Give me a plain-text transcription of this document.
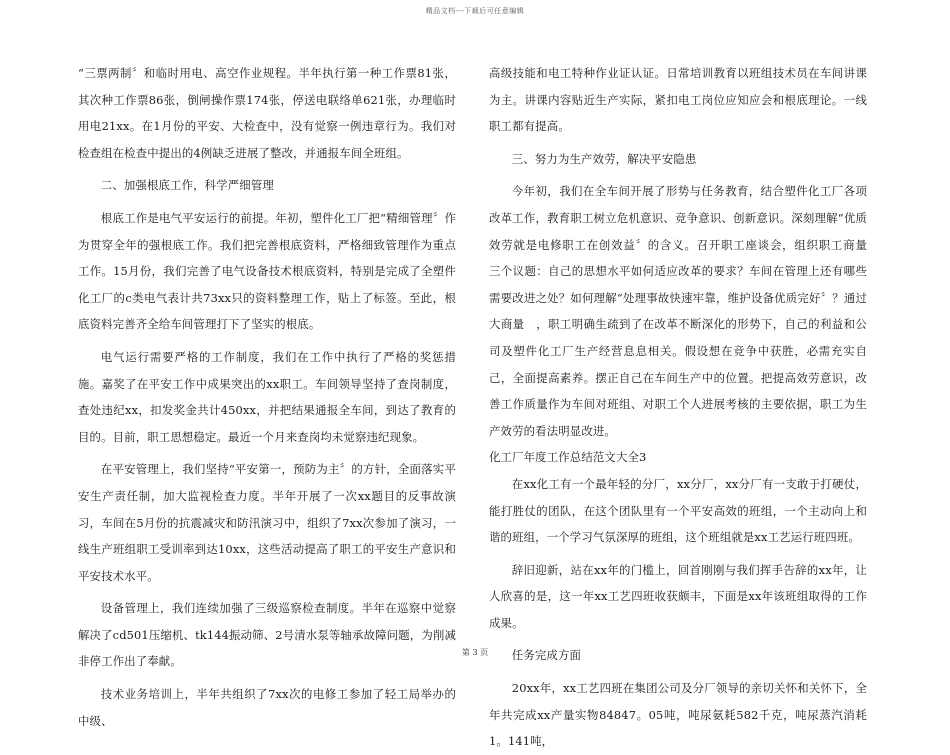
精品文档---下载后可任意编辑

“三票两制〞和临时用电、高空作业规程。半年执行第一种工作票81张，其次种工作票86张，倒闸操作票174张，停送电联络单621张，办理临时用电21xx。在1月份的平安、大检查中，没有觉察一例违章行为。我们对检查组在检查中提出的4例缺乏进展了整改，并通报车间全班组。

二、加强根底工作，科学严细管理

根底工作是电气平安运行的前提。年初，塑件化工厂把“精细管理〞作为贯穿全年的强根底工作。我们把完善根底资料，严格细致管理作为重点工作。15月份，我们完善了电气设备技术根底资料，特别是完成了全塑件化工厂的c类电气表计共73xx只的资料整理工作，贴上了标签。至此，根底资料完善齐全给车间管理打下了坚实的根底。

电气运行需要严格的工作制度，我们在工作中执行了严格的奖惩措施。嘉奖了在平安工作中成果突出的xx职工。车间领导坚持了查岗制度，查处违纪xx，扣发奖金共计450xx，并把结果通报全车间，到达了教育的目的。目前，职工思想稳定。最近一个月来查岗均未觉察违纪现象。

在平安管理上，我们坚持“平安第一，预防为主〞的方针，全面落实平安生产责任制，加大监视检查力度。半年开展了一次xx题目的反事故演习，车间在5月份的抗震减灾和防汛演习中，组织了7xx次参加了演习，一线生产班组职工受训率到达10xx，这些活动提高了职工的平安生产意识和平安技术水平。

设备管理上，我们连续加强了三级巡察检查制度。半年在巡察中觉察解决了cd501压缩机、tk144振动筛、2号清水泵等轴承故障问题，为削减非停工作出了奉献。

技术业务培训上，半年共组织了7xx次的电修工参加了轻工局举办的中级、

高级技能和电工特种作业证认证。日常培训教育以班组技术员在车间讲课为主。讲课内容贴近生产实际，紧扣电工岗位应知应会和根底理论。一线职工都有提高。

三、努力为生产效劳，解决平安隐患

今年初，我们在全车间开展了形势与任务教育，结合塑件化工厂各项改革工作，教育职工树立危机意识、竞争意识、创新意识。深刻理解“优质效劳就是电修职工在创效益〞的含义。召开职工座谈会，组织职工商量　三个议题：自己的思想水平如何适应改革的要求？车间在管理上还有哪些需要改进之处？如何理解“处理事故快速牢靠，维护设备优质完好〞？通过大商量　，职工明确生疏到了在改革不断深化的形势下，自己的利益和公司及塑件化工厂生产经营息息相关。假设想在竞争中获胜，必需充实自己，全面提高素养。摆正自己在车间生产中的位置。把提高效劳意识，改善工作质量作为车间对班组、对职工个人进展考核的主要依据，职工为生产效劳的看法明显改进。

化工厂年度工作总结范文大全3

在xx化工有一个最年轻的分厂，xx分厂，xx分厂有一支敢于打硬仗，能打胜仗的团队，在这个团队里有一个平安高效的班组，一个主动向上和谐的班组，一个学习气氛深厚的班组，这个班组就是xx工艺运行班四班。

辞旧迎新，站在xx年的门槛上，回首刚刚与我们挥手告辞的xx年，让人欣喜的是，这一年xx工艺四班收获颇丰，下面是xx年该班组取得的工作成果。

任务完成方面

20xx年，xx工艺四班在集团公司及分厂领导的亲切关怀和关怀下，全年共完成xx产量实物84847。05吨，吨尿氨耗582千克，吨尿蒸汽消耗1。141吨，

第 3 页
